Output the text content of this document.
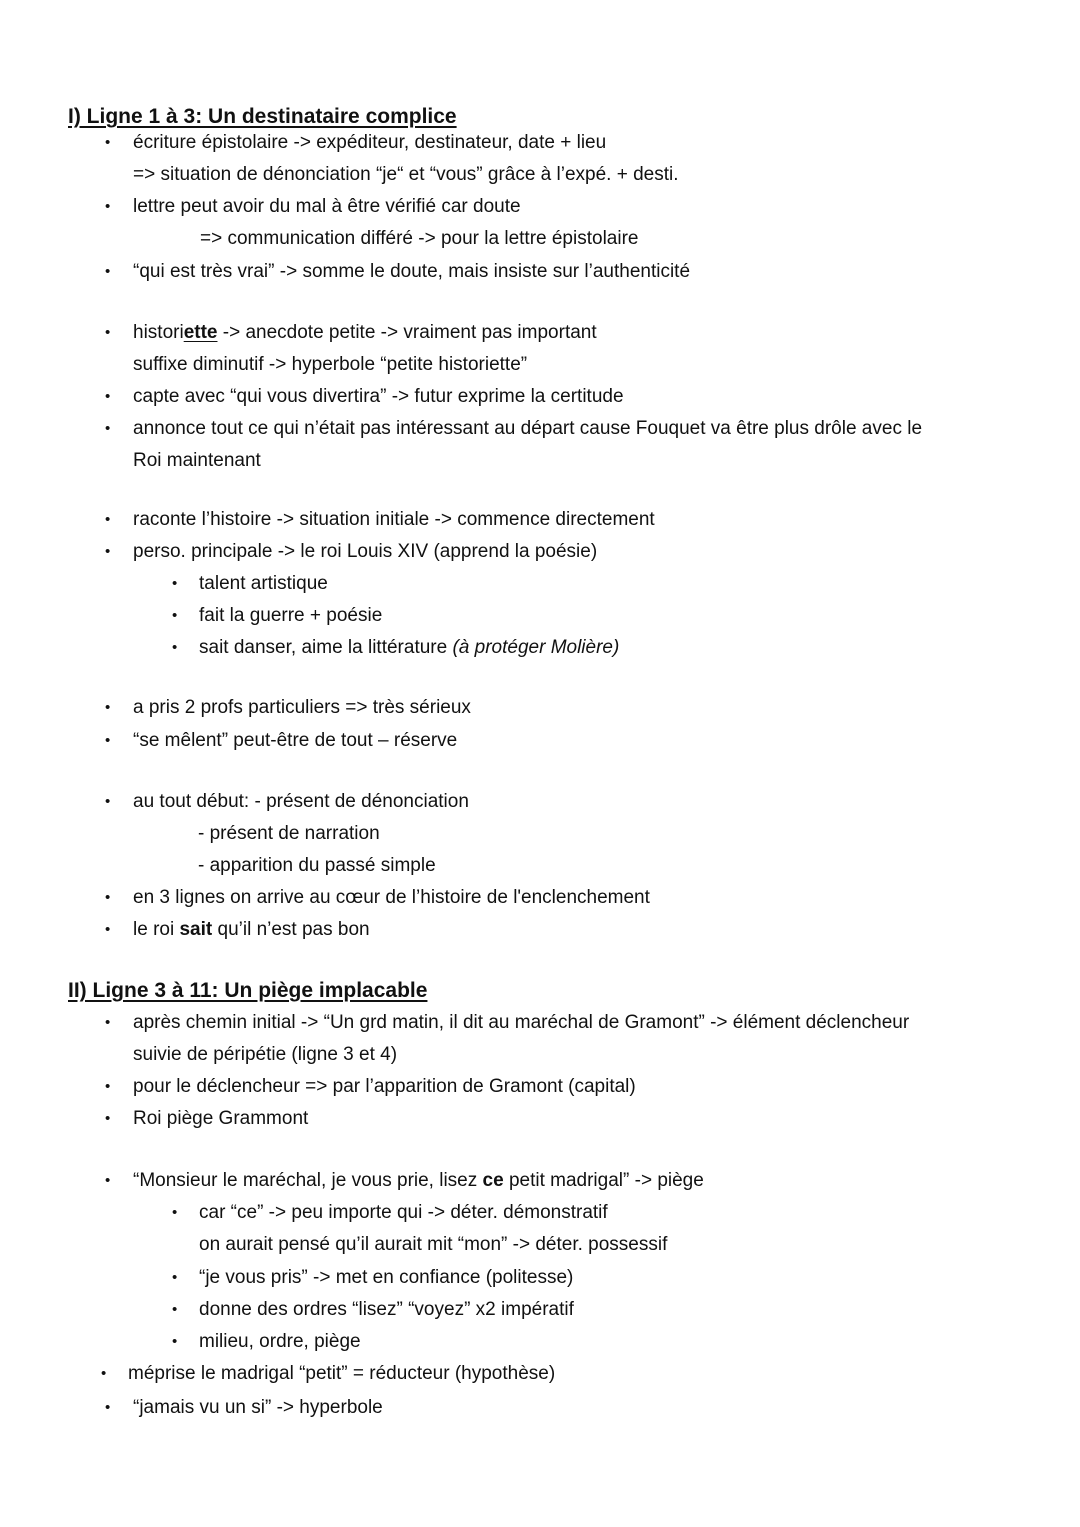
I) Ligne 1 à 3: Un destinataire complice
• écriture épistolaire -> expéditeur, destinateur, date + lieu
=> situation de dénonciation “je“ et “vous” grâce à l’expé. + desti.
• lettre peut avoir du mal à être vérifié car doute
=> communication différé -> pour la lettre épistolaire
• “qui est très vrai” -> somme le doute, mais insiste sur l’authenticité
• historiette -> anecdote petite -> vraiment pas important
suffixe diminutif -> hyperbole “petite historiette”
• capte avec “qui vous divertira” -> futur exprime la certitude
• annonce tout ce qui n’était pas intéressant au départ cause Fouquet va être plus drôle avec le
Roi maintenant
• raconte l’histoire -> situation initiale -> commence directement
• perso. principale -> le roi Louis XIV (apprend la poésie)
• talent artistique
• fait la guerre + poésie
• sait danser, aime la littérature (à protéger Molière)
• a pris 2 profs particuliers => très sérieux
• “se mêlent” peut-être de tout – réserve
• au tout début: - présent de dénonciation
- présent de narration
- apparition du passé simple
• en 3 lignes on arrive au cœur de l’histoire de l'enclenchement
• le roi sait qu’il n’est pas bon
II) Ligne 3 à 11: Un piège implacable
• après chemin initial -> “Un grd matin, il dit au maréchal de Gramont” -> élément déclencheur
suivie de péripétie (ligne 3 et 4)
• pour le déclencheur => par l’apparition de Gramont (capital)
• Roi piège Grammont
• “Monsieur le maréchal, je vous prie, lisez ce petit madrigal” -> piège
• car “ce” -> peu importe qui -> déter. démonstratif
on aurait pensé qu’il aurait mit “mon” -> déter. possessif
• “je vous pris” -> met en confiance (politesse)
• donne des ordres “lisez” “voyez” x2 impératif
• milieu, ordre, piège
• méprise le madrigal “petit” = réducteur (hypothèse)
• “jamais vu un si” -> hyperbole
